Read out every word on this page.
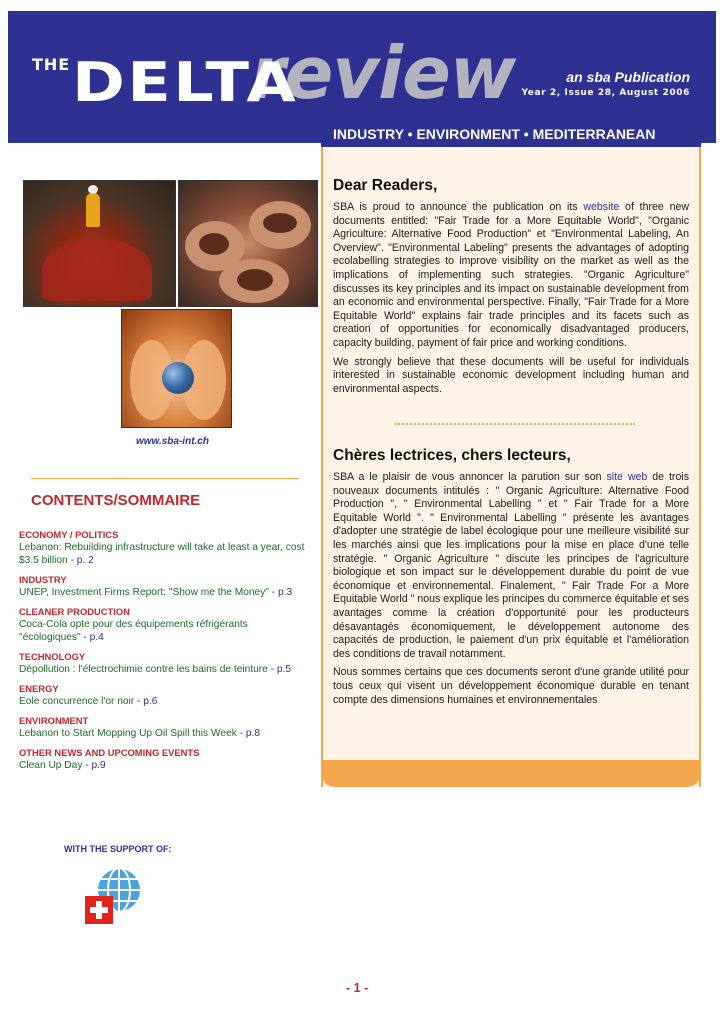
THE review
DELTA	an sba Publication
Year 2, Issue 28, August 2006
Dear Readers,

SBA is proud to announce the publication on its website of three new documents entitled: "Fair Trade for a More Equitable World", "Organic Agriculture: Alternative Food Production" et "Environmental Labeling, An Overview". "Environmental Labeling" presents the advantages of adopting ecolabelling strategies to improve visibility on the market as well as the implications of implementing such strategies. "Organic Agriculture" discusses its key principles and its impact on sustainable development from an economic and environmental perspective. Finally, "Fair Trade for a More Equitable World" explains fair trade principles and its facets such as creation of opportunities for economically disadvantaged producers, capacity building, payment of fair price and working conditions.

We strongly believe that these documents will be useful for individuals interested in sustainable economic development including human and environmental aspects.

Chères lectrices, chers lecteurs,

SBA a le plaisir de vous annoncer la parution sur son site web de trois nouveaux documents intitulés : " Organic Agriculture: Alternative Food Production ", " Environmental Labelling " et " Fair Trade for a More Equitable World ". " Environmental Labelling " présente les avantages d'adopter une stratégie de label écologique pour une meilleure visibilité sur les marchés ainsi que les implications pour la mise en place d'une telle stratégie. " Organic Agriculture " discute les principes de l'agriculture biologique et son impact sur le développement durable du point de vue économique et environnemental. Finalement, " Fair Trade For a More Equitable World " nous explique les principes du commerce équitable et ses avantages comme la création d'opportunité pour les producteurs désavantagés économiquement, le développement autonome des capacités de production, le paiement d'un prix équitable et l'amélioration des conditions de travail notamment.

Nous sommes certains que ces documents seront d'une grande utilité pour tous ceux qui visent un développement économique durable en tenant compte des dimensions humaines et environnementales

INDUSTRY • ENVIRONMENT • MEDITERRANEAN
www.sba-int.ch
CONTENTS/SOMMAIRE
ECONOMY / POLITICS
Lebanon: Rebuilding infrastructure will take at least a year, cost $3.5 billion - p. 2
INDUSTRY
UNEP, Investment Firms Report: "Show me the Money" - p.3
CLEANER PRODUCTION
Coca-Cola opte pour des équipements réfrigérants "écologiques" - p.4
TECHNOLOGY
Dépollution : l'électrochimie contre les bains de teinture - p.5
ENERGY
Eole concurrence l'or noir - p.6
ENVIRONMENT
Lebanon to Start Mopping Up Oil Spill this Week - p.8
OTHER NEWS AND UPCOMING EVENTS
Clean Up Day - p.9
WITH THE SUPPORT OF:
- 1 -
